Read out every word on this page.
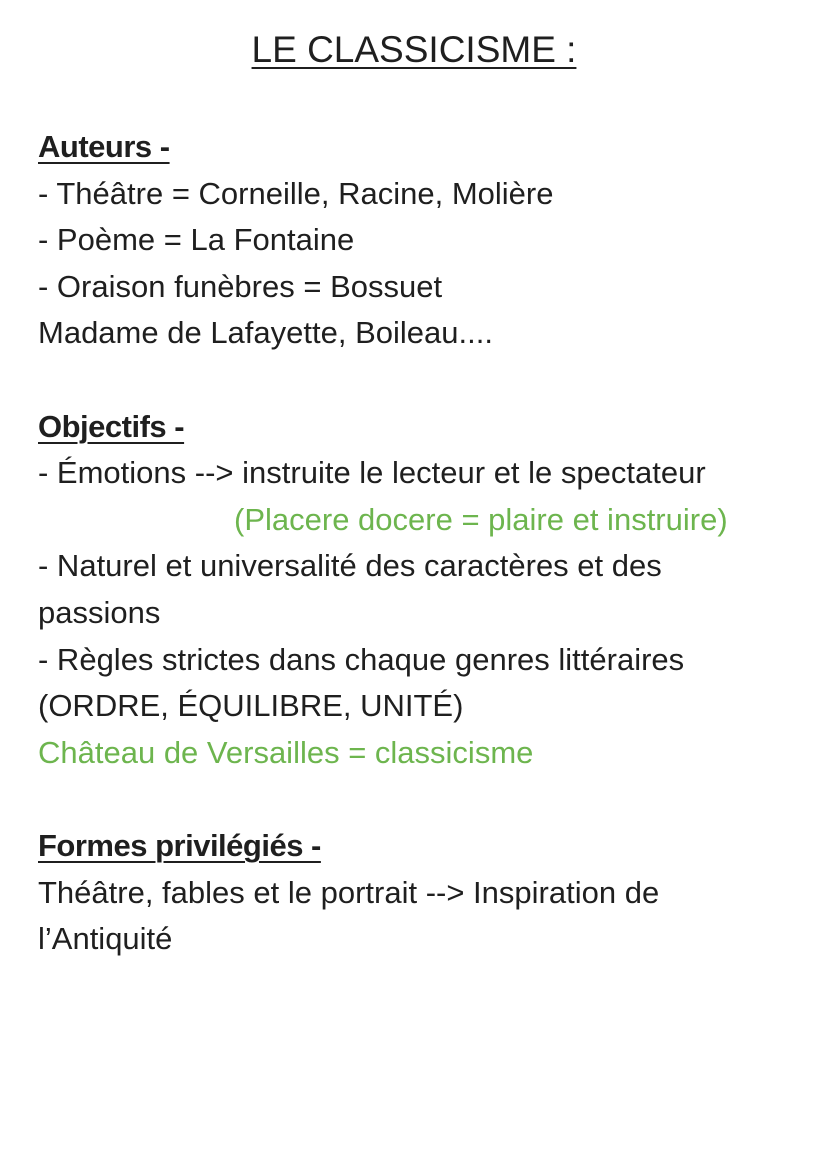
LE CLASSICISME :
Auteurs -
- Théâtre = Corneille, Racine, Molière
- Poème = La Fontaine
- Oraison funèbres = Bossuet
Madame de Lafayette, Boileau....
Objectifs -
- Émotions --> instruite le lecteur et le spectateur
(Placere docere = plaire et instruire)
- Naturel et universalité des caractères et des
passions
- Règles strictes dans chaque genres littéraires
(ORDRE, ÉQUILIBRE, UNITÉ)
Château de Versailles = classicisme
Formes privilégiés -
Théâtre, fables et le portrait --> Inspiration de
l’Antiquité
